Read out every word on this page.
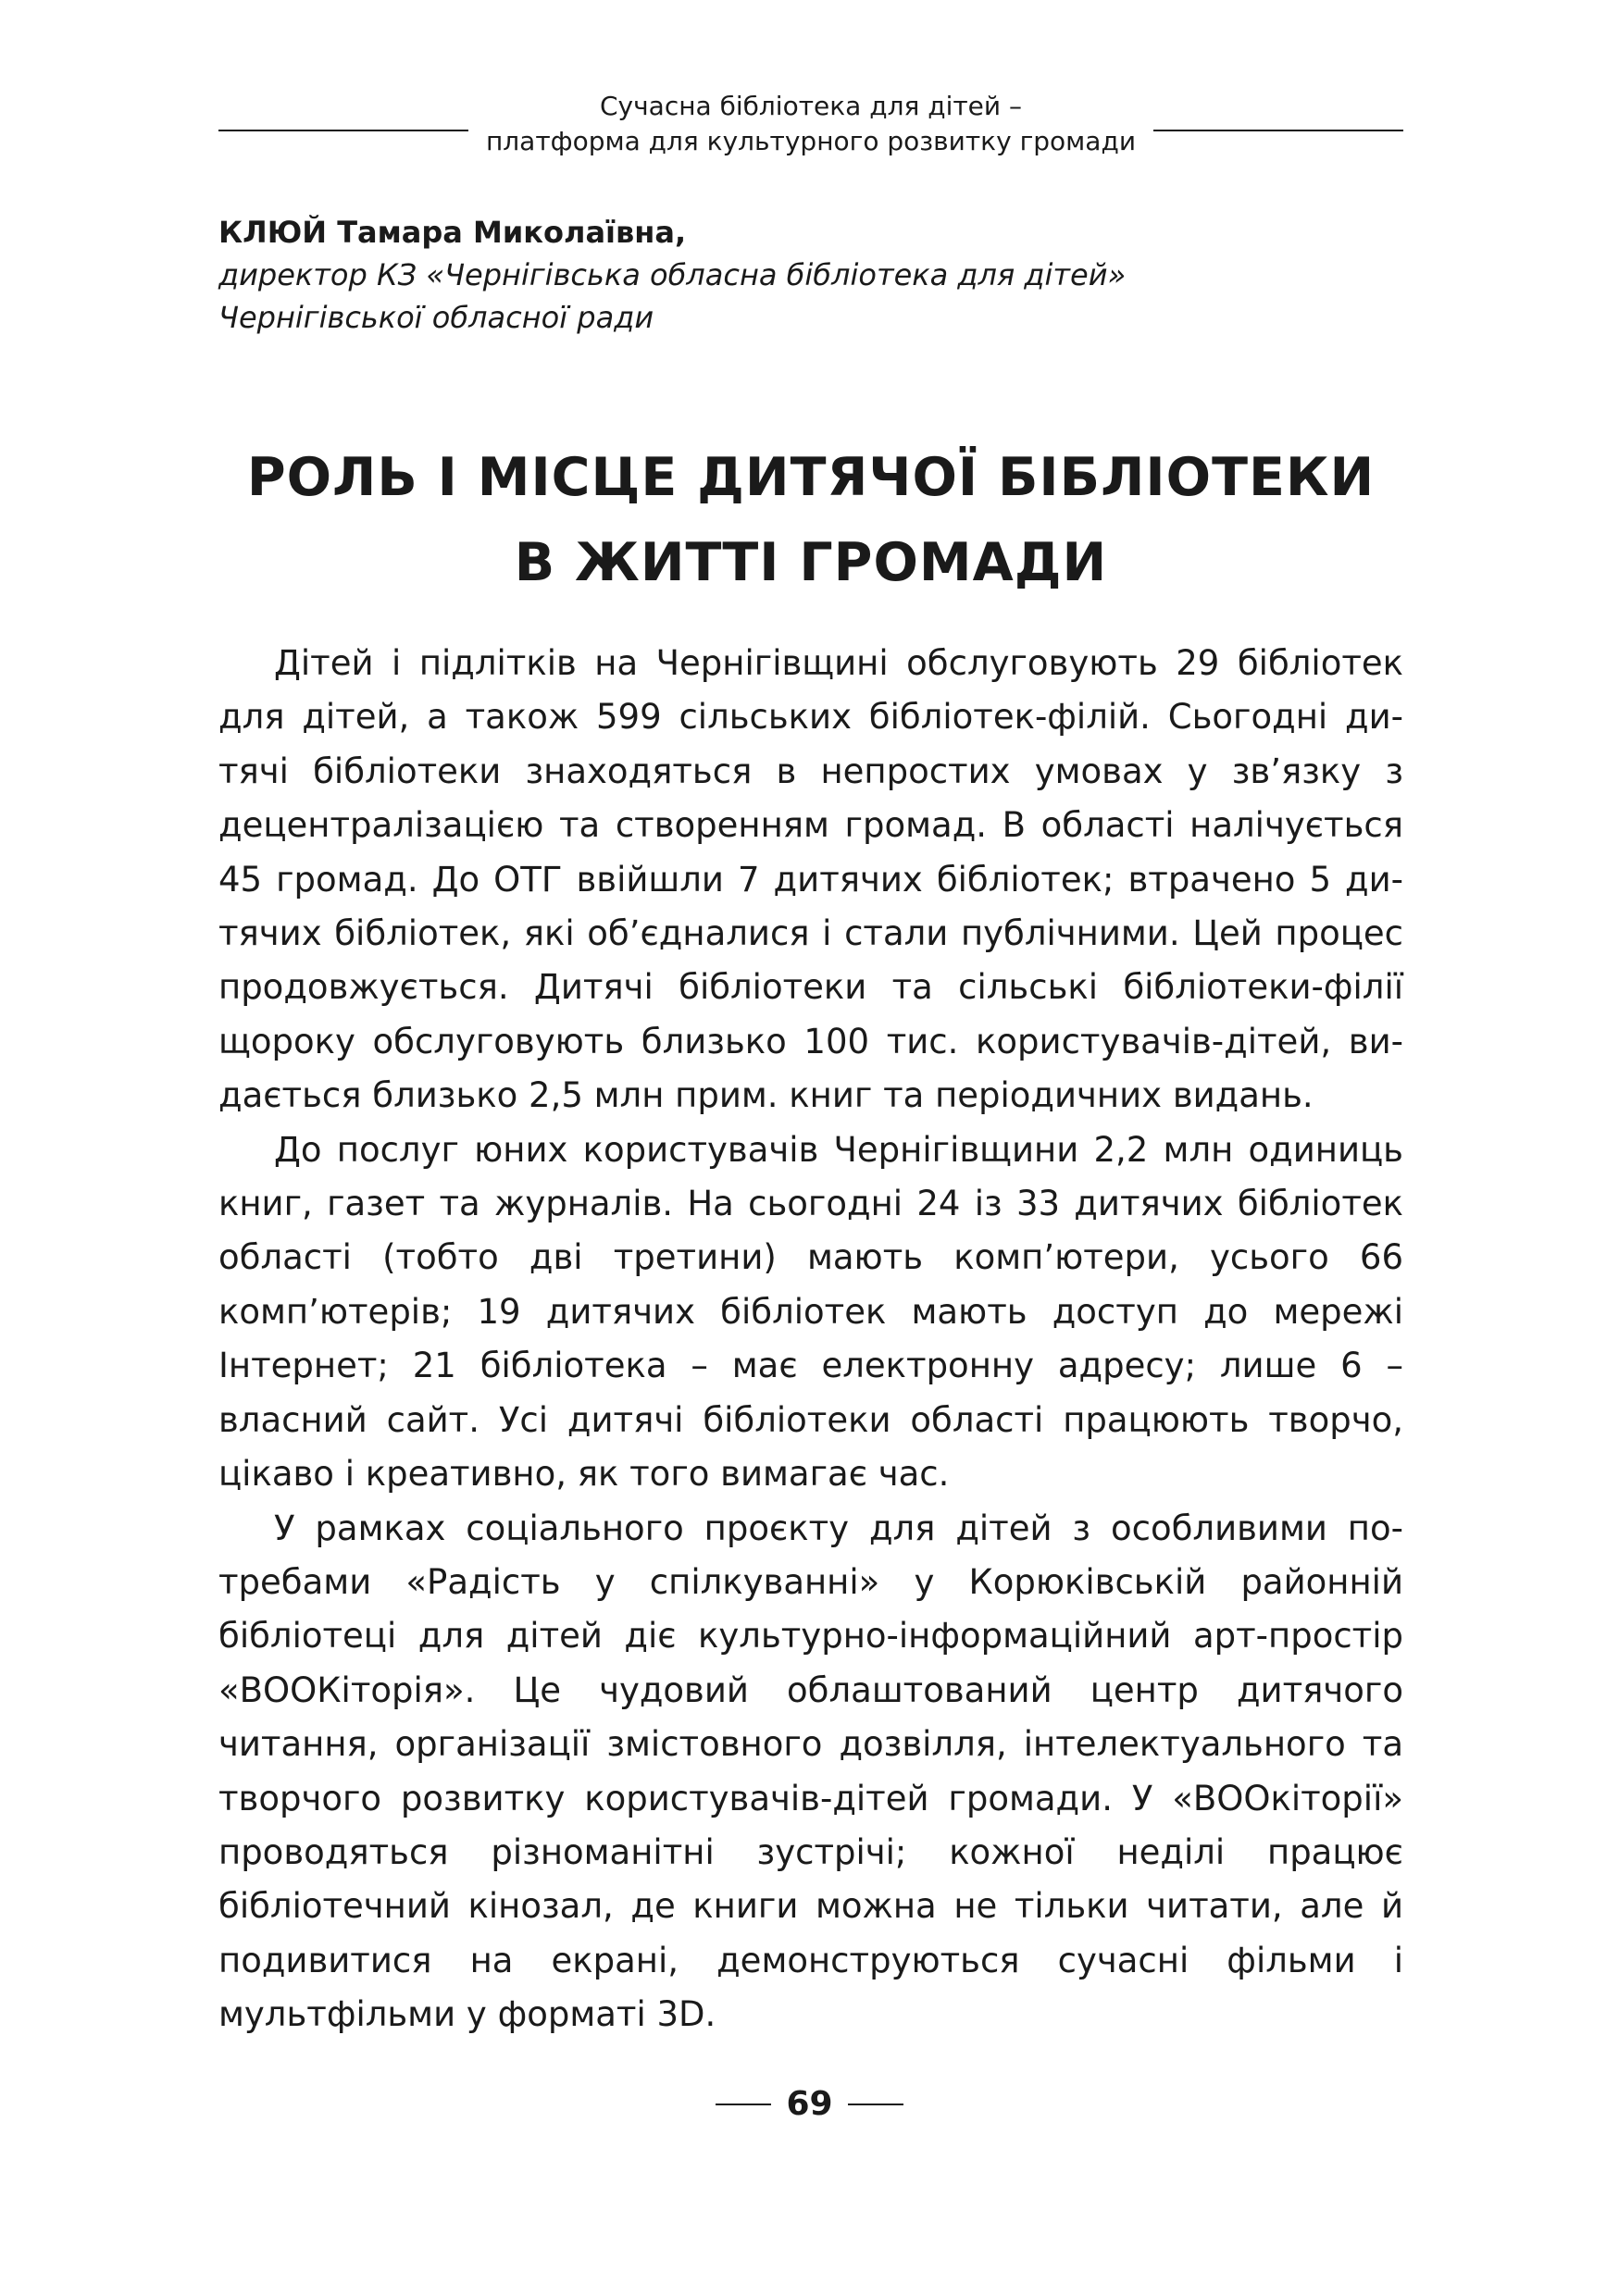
Сучасна бібліотека для дітей –
платформа для культурного розвитку громади
КЛЮЙ Тамара Миколаївна,
директор КЗ «Чернігівська обласна бібліотека для дітей»
Чернігівської обласної ради
РОЛЬ І МІСЦЕ ДИТЯЧОЇ БІБЛІОТЕКИ
В ЖИТТІ ГРОМАДИ

Дітей і підлітків на Чернігівщині обслуговують 29 бібліотек для дітей, а також 599 сільських бібліотек-філій. Сьогодні дитячі бібліотеки знаходяться в непростих умовах у зв’язку з децентралізацією та створенням громад. В області налічується 45 громад. До ОТГ ввійшли 7 дитячих бібліотек; втрачено 5 дитячих бібліотек, які об’єдналися і стали публічними. Цей процес продовжується. Дитячі бібліотеки та сільські бібліотеки-філії щороку обслуговують близько 100 тис. користувачів-дітей, видається близько 2,5 млн прим. книг та періодичних видань.

До послуг юних користувачів Чернігівщини 2,2 млн одиниць книг, газет та журналів. На сьогодні 24 із 33 дитячих бібліотек області (тобто дві третини) мають комп’ютери, усього 66 комп’ютерів; 19 дитячих бібліотек мають доступ до мережі Інтернет; 21 бібліотека – має електронну адресу; лише 6 – власний сайт. Усі дитячі бібліотеки області працюють творчо, цікаво і креативно, як того вимагає час.

У рамках соціального проєкту для дітей з особливими потребами «Радість у спілкуванні» у Корюківській районній бібліотеці для дітей діє культурно-інформаційний арт-простір «ВООКіторія». Це чудовий облаштований центр дитячого читання, організації змістовного дозвілля, інтелектуального та творчого розвитку користувачів-дітей громади. У «ВООкіторії» проводяться різноманітні зустрічі; кожної неділі працює бібліотечний кінозал, де книги можна не тільки читати, але й подивитися на екрані, демонструються сучасні фільми і мультфільми у форматі 3D.

69
